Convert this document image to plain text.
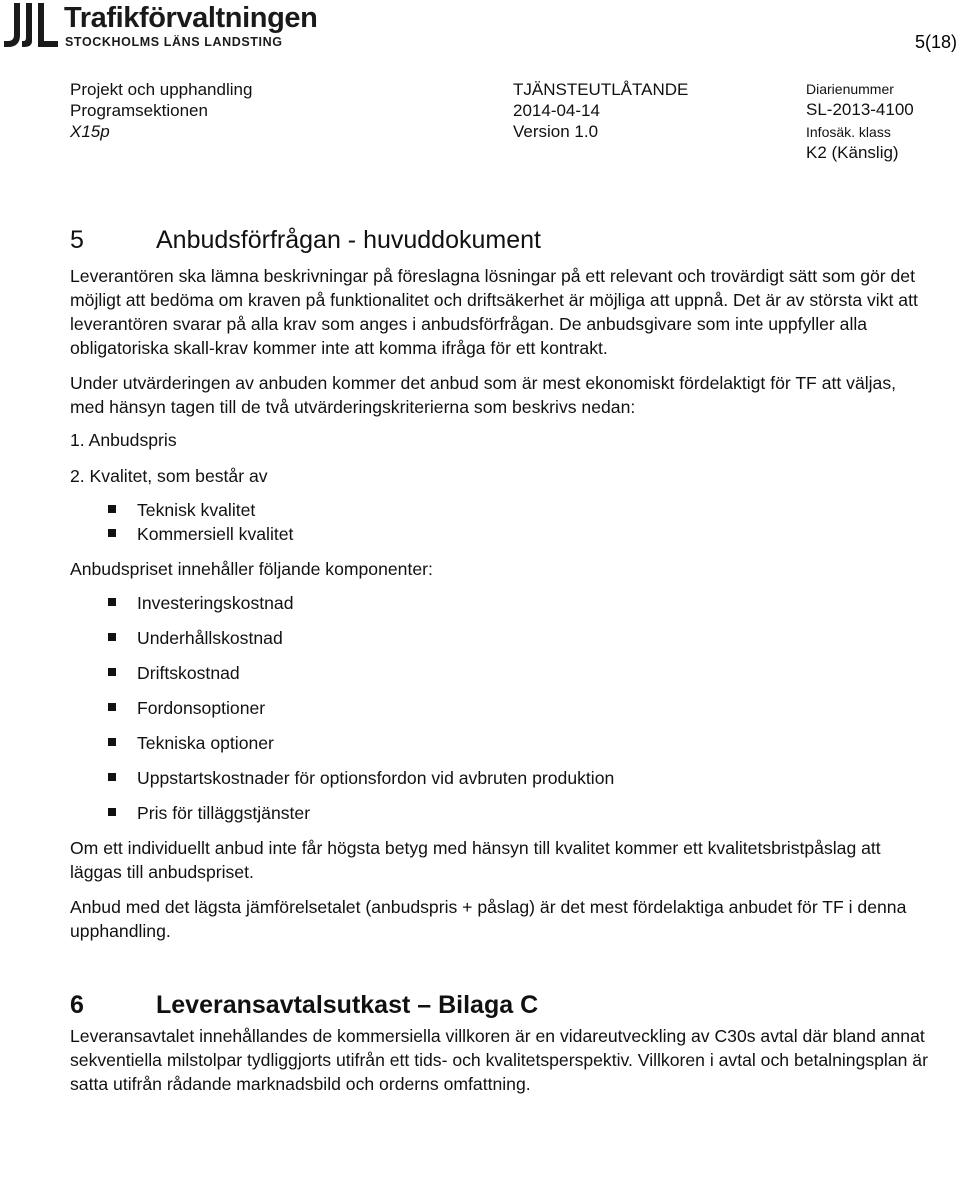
Trafikförvaltningen
STOCKHOLMS LÄNS LANDSTING	5(18)
Projekt och upphandling
Programsektionen
X15p
TJÄNSTEUTLÅTANDE
2014-04-14
Version 1.0
Diarienummer
SL-2013-4100
Infosäk. klass
K2 (Känslig)
5	Anbudsförfrågan - huvuddokument

Leverantören ska lämna beskrivningar på föreslagna lösningar på ett relevant och trovärdigt sätt som gör det möjligt att bedöma om kraven på funktionalitet och driftsäkerhet är möjliga att uppnå. Det är av största vikt att leverantören svarar på alla krav som anges i anbudsförfrågan. De anbudsgivare som inte uppfyller alla obligatoriska skall-krav kommer inte att komma ifråga för ett kontrakt.

Under utvärderingen av anbuden kommer det anbud som är mest ekonomiskt fördelaktigt för TF att väljas, med hänsyn tagen till de två utvärderingskriterierna som beskrivs nedan:

1. Anbudspris

2. Kvalitet, som består av

Teknisk kvalitet
Kommersiell kvalitet

Anbudspriset innehåller följande komponenter:

Investeringskostnad
Underhållskostnad
Driftskostnad
Fordonsoptioner
Tekniska optioner
Uppstartskostnader för optionsfordon vid avbruten produktion
Pris för tilläggstjänster

Om ett individuellt anbud inte får högsta betyg med hänsyn till kvalitet kommer ett kvalitetsbristpåslag att läggas till anbudspriset.

Anbud med det lägsta jämförelsetalet (anbudspris + påslag) är det mest fördelaktiga anbudet för TF i denna upphandling.

6	Leveransavtalsutkast – Bilaga C

Leveransavtalet innehållandes de kommersiella villkoren är en vidareutveckling av C30s avtal där bland annat sekventiella milstolpar tydliggjorts utifrån ett tids- och kvalitetsperspektiv. Villkoren i avtal och betalningsplan är satta utifrån rådande marknadsbild och orderns omfattning.
